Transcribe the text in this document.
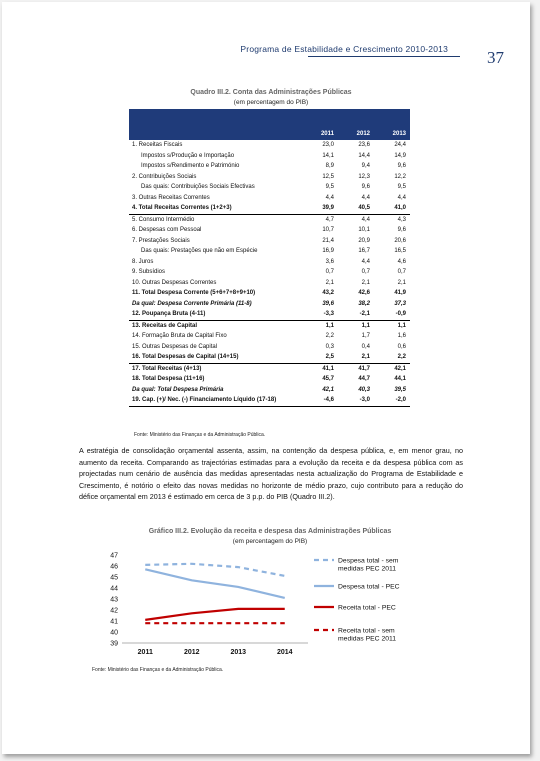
Programa de Estabilidade e Crescimento 2010-2013 37
Quadro III.2. Conta das Administrações Públicas
(em percentagem do PIB)
	2011	2012	2013
1. Receitas Fiscais	23,0	23,6	24,4
Impostos s/Produção e Importação	14,1	14,4	14,9
Impostos s/Rendimento e Património	8,9	9,4	9,6
2. Contribuições Sociais	12,5	12,3	12,2
Das quais: Contribuições Sociais Efectivas	9,5	9,6	9,5
3. Outras Receitas Correntes	4,4	4,4	4,4
4. Total Receitas Correntes (1+2+3)	39,9	40,5	41,0
5. Consumo Intermédio	4,7	4,4	4,3
6. Despesas com Pessoal	10,7	10,1	9,6
7. Prestações Sociais	21,4	20,9	20,6
Das quais: Prestações que não em Espécie	16,9	16,7	16,5
8. Juros	3,6	4,4	4,6
9. Subsídios	0,7	0,7	0,7
10. Outras Despesas Correntes	2,1	2,1	2,1
11. Total Despesa Corrente (5+6+7+8+9+10)	43,2	42,6	41,9
Da qual: Despesa Corrente Primária (11-8)	39,6	38,2	37,3
12. Poupança Bruta (4-11)	-3,3	-2,1	-0,9
13. Receitas de Capital	1,1	1,1	1,1
14. Formação Bruta de Capital Fixo	2,2	1,7	1,6
15. Outras Despesas de Capital	0,3	0,4	0,6
16. Total Despesas de Capital (14+15)	2,5	2,1	2,2
17. Total Receitas (4+13)	41,1	41,7	42,1
18. Total Despesa (11+16)	45,7	44,7	44,1
Da qual: Total Despesa Primária	42,1	40,3	39,5
19. Cap. (+)/ Nec. (-) Financiamento Líquido (17-18)	-4,6	-3,0	-2,0
Fonte: Ministério das Finanças e da Administração Pública.
A estratégia de consolidação orçamental assenta, assim, na contenção da despesa pública, e, em menor grau, no aumento da receita. Comparando as trajectórias estimadas para a evolução da receita e da despesa pública com as projectadas num cenário de ausência das medidas apresentadas nesta actualização do Programa de Estabilidade e Crescimento, é notório o efeito das novas medidas no horizonte de médio prazo, cujo contributo para a redução do défice orçamental em 2013 é estimado em cerca de 3 p.p. do PIB (Quadro III.2).
Gráfico III.2. Evolução da receita e despesa das Administrações Públicas
(em percentagem do PIB)
39
40
41
42
43
44
45
46
47
2011	2012	2013	2014
Despesa total - sem medidas PEC 2011
Despesa total - PEC
Receita total - PEC
Receita total - sem medidas PEC 2011
Fonte: Ministério das Finanças e da Administração Pública.
